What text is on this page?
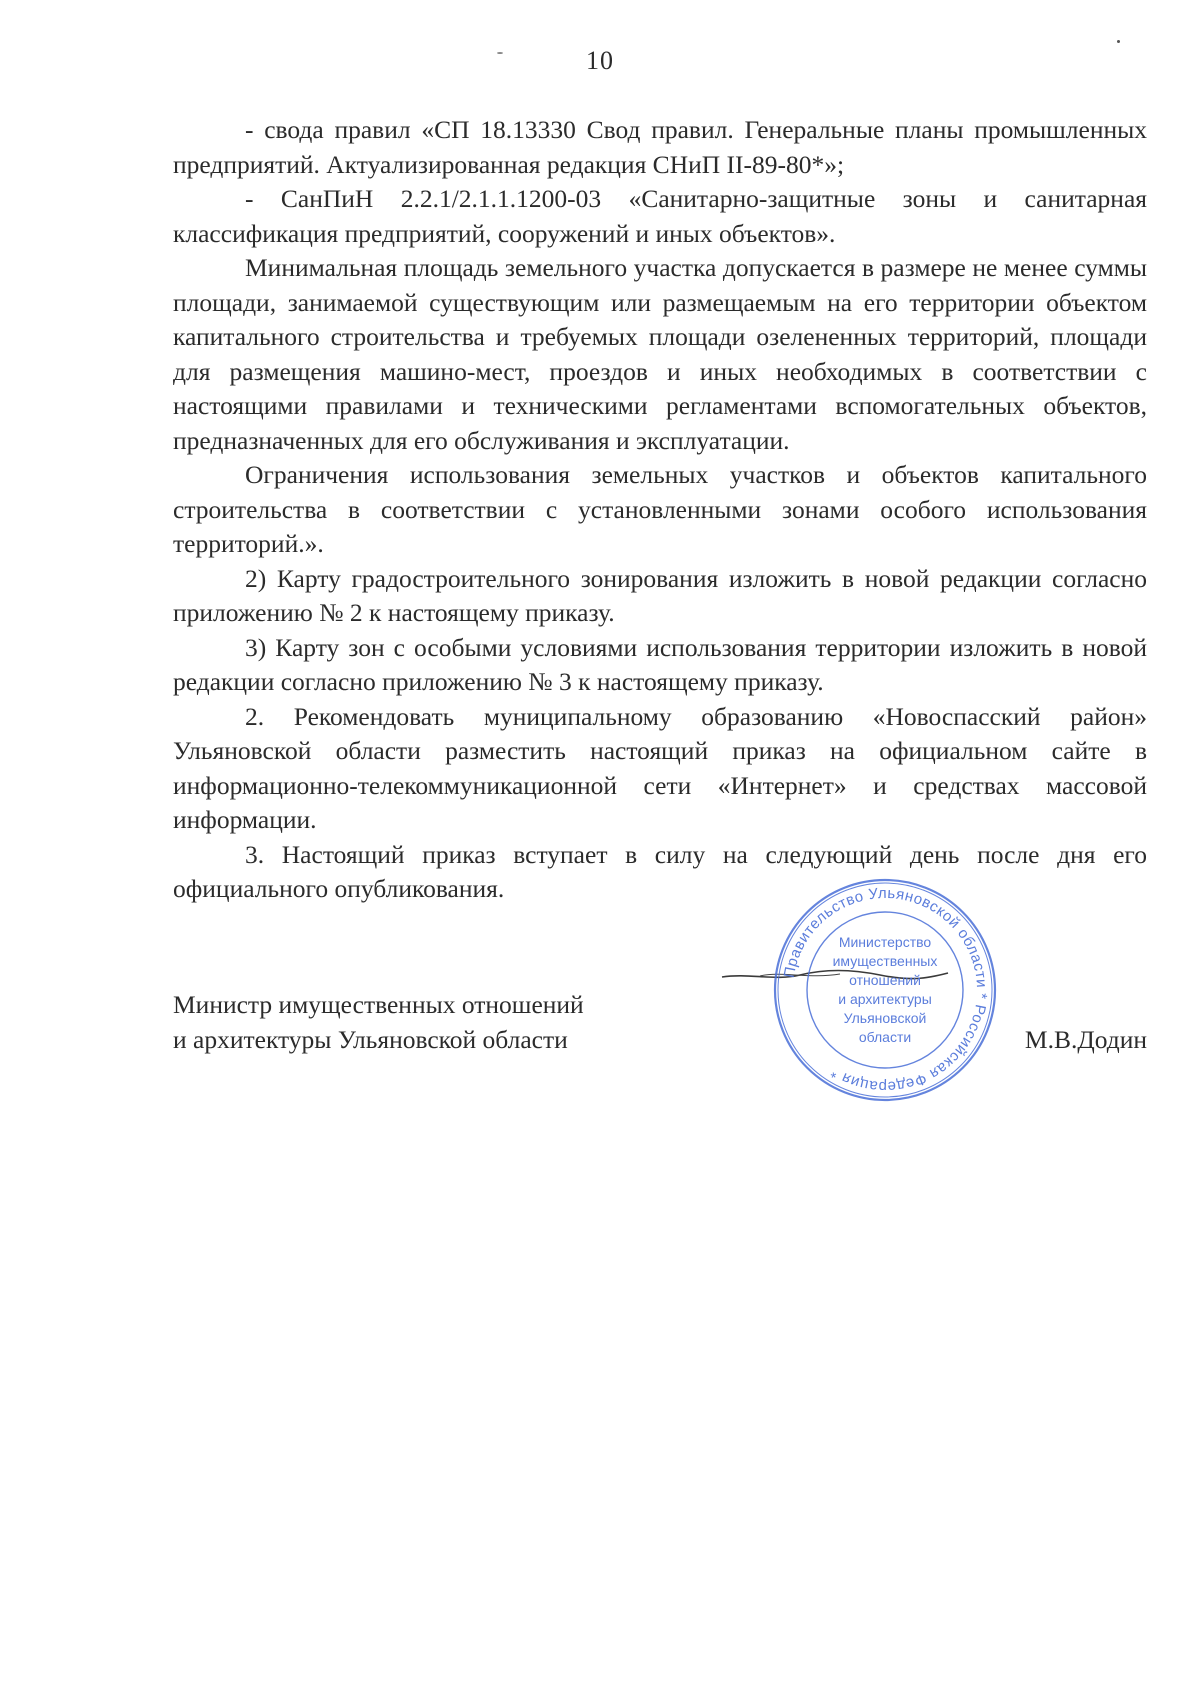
10

- свода правил «СП 18.13330 Свод правил. Генеральные планы промышленных предприятий. Актуализированная редакция СНиП II-89-80*»;

- СанПиН 2.2.1/2.1.1.1200-03 «Санитарно-защитные зоны и санитарная классификация предприятий, сооружений и иных объектов».

Минимальная площадь земельного участка допускается в размере не менее суммы площади, занимаемой существующим или размещаемым на его территории объектом капитального строительства и требуемых площади озелененных территорий, площади для размещения машино-мест, проездов и иных необходимых в соответствии с настоящими правилами и техническими регламентами вспомогательных объектов, предназначенных для его обслуживания и эксплуатации.

Ограничения использования земельных участков и объектов капитального строительства в соответствии с установленными зонами особого использования территорий.».

2) Карту градостроительного зонирования изложить в новой редакции согласно приложению № 2 к настоящему приказу.

3) Карту зон с особыми условиями использования территории изложить в новой редакции согласно приложению № 3 к настоящему приказу.

2. Рекомендовать муниципальному образованию «Новоспасский район» Ульяновской области разместить настоящий приказ на официальном сайте в информационно-телекоммуникационной сети «Интернет» и средствах массовой информации.

3. Настоящий приказ вступает в силу на следующий день после дня его официального опубликования.

Министр имущественных отношений
и архитектуры Ульяновской области	М.В.Додин
Правительство Ульяновской области * Российская Федерация *
Министерство
имущественных
отношений
и архитектуры
Ульяновской
области
